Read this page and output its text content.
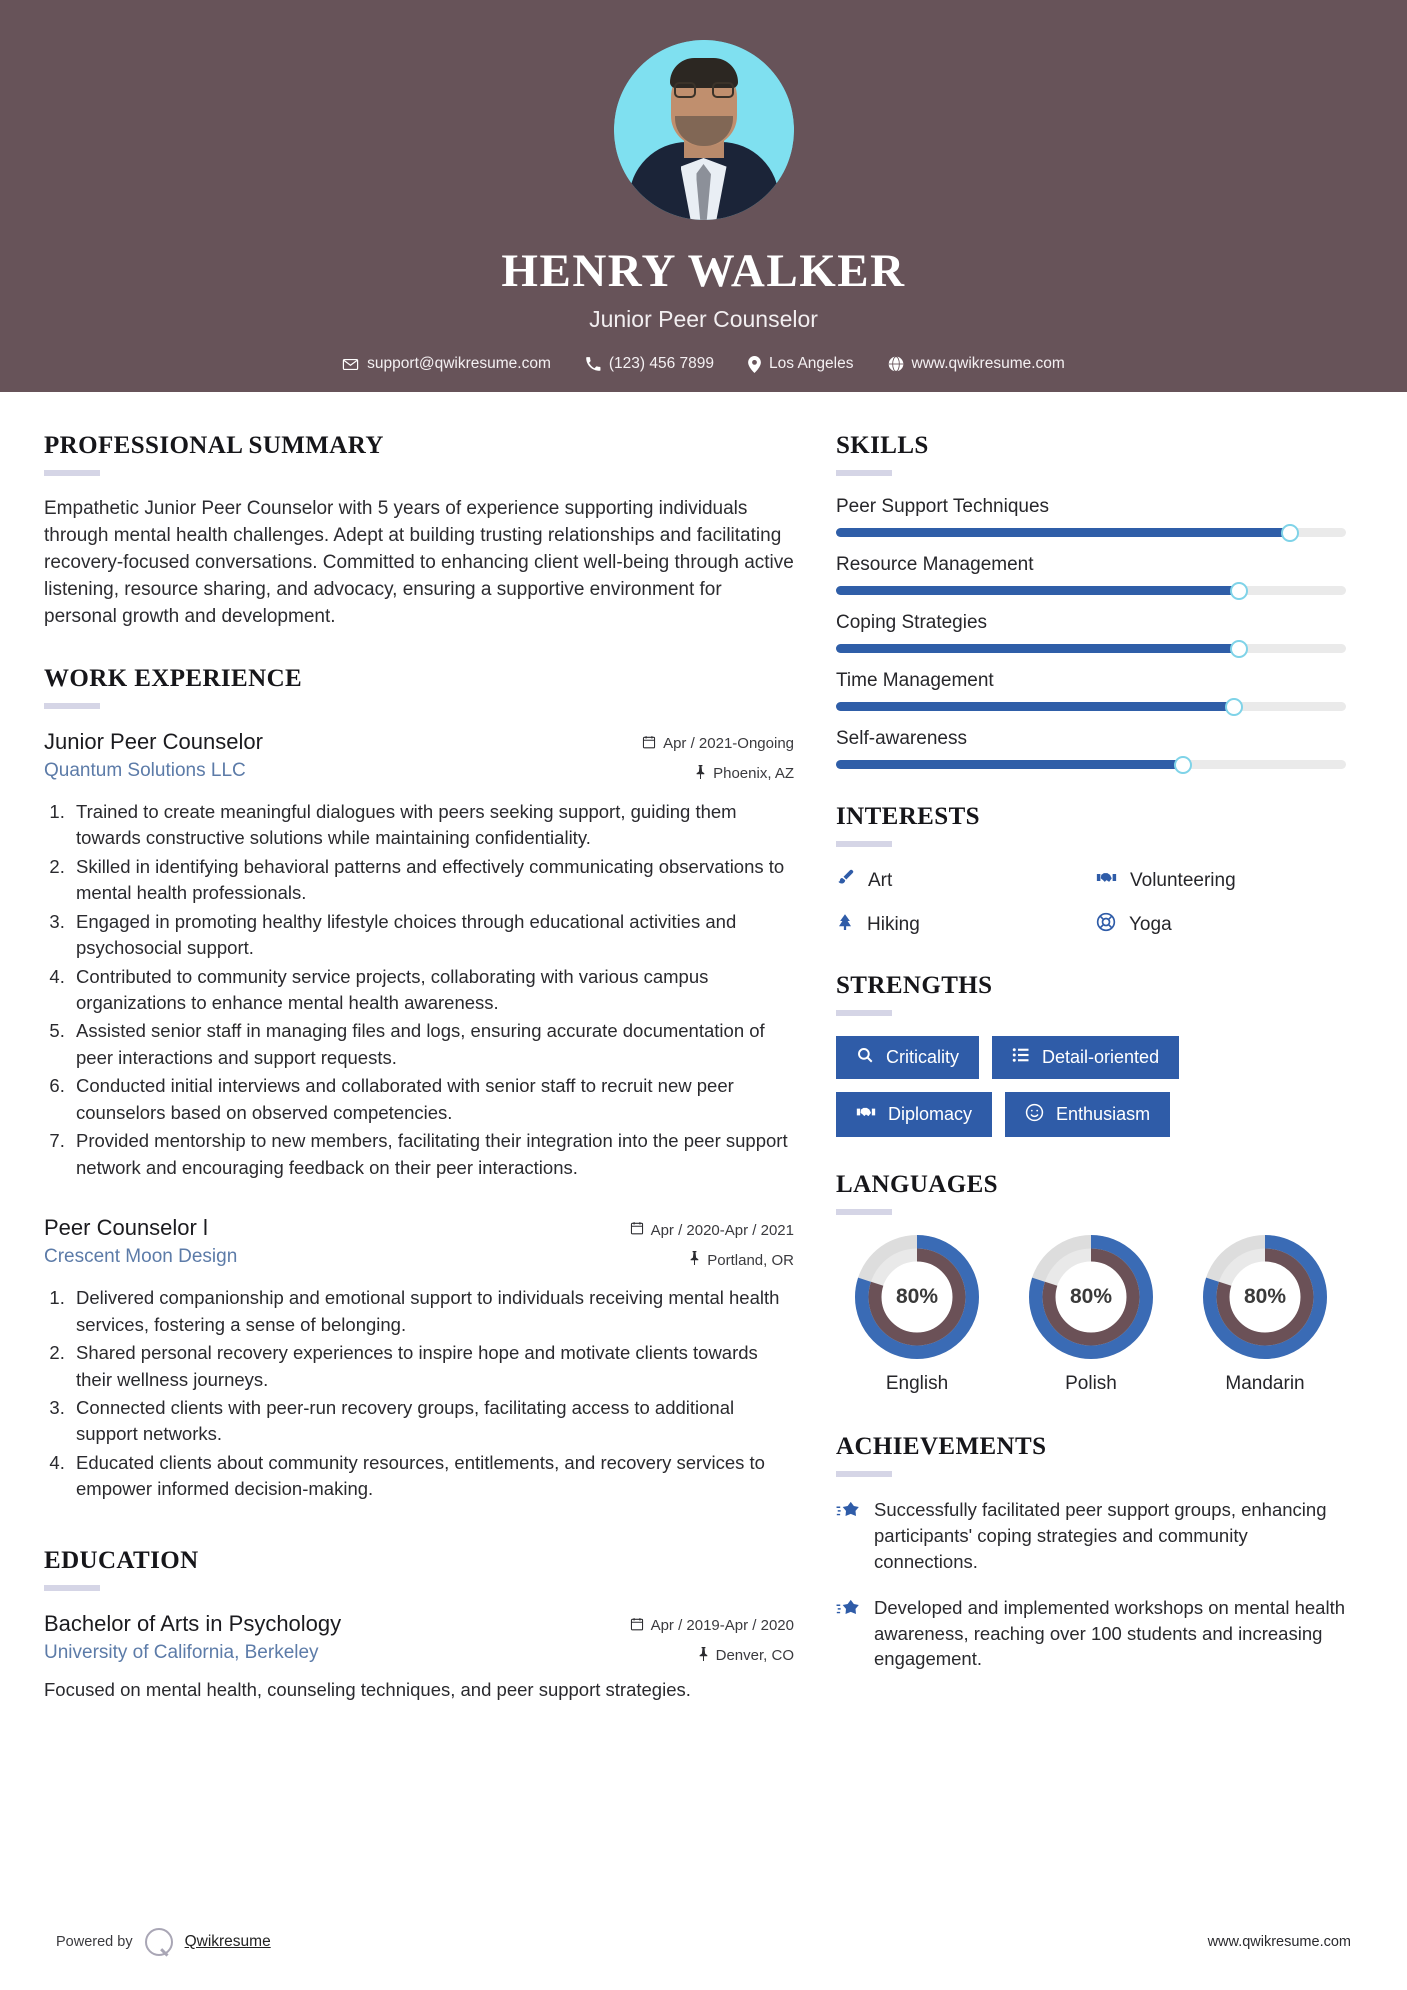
HENRY WALKER
Junior Peer Counselor
support@qwikresume.com	(123) 456 7899	Los Angeles	www.qwikresume.com
PROFESSIONAL SUMMARY
Empathetic Junior Peer Counselor with 5 years of experience supporting individuals through mental health challenges. Adept at building trusting relationships and facilitating recovery-focused conversations. Committed to enhancing client well-being through active listening, resource sharing, and advocacy, ensuring a supportive environment for personal growth and development.
WORK EXPERIENCE
Junior Peer Counselor
Quantum Solutions LLC
Apr / 2021-Ongoing
Phoenix, AZ
1. Trained to create meaningful dialogues with peers seeking support, guiding them towards constructive solutions while maintaining confidentiality.
2. Skilled in identifying behavioral patterns and effectively communicating observations to mental health professionals.
3. Engaged in promoting healthy lifestyle choices through educational activities and psychosocial support.
4. Contributed to community service projects, collaborating with various campus organizations to enhance mental health awareness.
5. Assisted senior staff in managing files and logs, ensuring accurate documentation of peer interactions and support requests.
6. Conducted initial interviews and collaborated with senior staff to recruit new peer counselors based on observed competencies.
7. Provided mentorship to new members, facilitating their integration into the peer support network and encouraging feedback on their peer interactions.
Peer Counselor l
Crescent Moon Design
Apr / 2020-Apr / 2021
Portland, OR
1. Delivered companionship and emotional support to individuals receiving mental health services, fostering a sense of belonging.
2. Shared personal recovery experiences to inspire hope and motivate clients towards their wellness journeys.
3. Connected clients with peer-run recovery groups, facilitating access to additional support networks.
4. Educated clients about community resources, entitlements, and recovery services to empower informed decision-making.
EDUCATION
Bachelor of Arts in Psychology
University of California, Berkeley
Apr / 2019-Apr / 2020
Denver, CO
Focused on mental health, counseling techniques, and peer support strategies.
SKILLS
Peer Support Techniques
Resource Management
Coping Strategies
Time Management
Self-awareness
INTERESTS
Art	Volunteering
Hiking	Yoga
STRENGTHS
Criticality	Detail-oriented
Diplomacy	Enthusiasm
LANGUAGES
80%
English
80%
Polish
80%
Mandarin
ACHIEVEMENTS
Successfully facilitated peer support groups, enhancing participants' coping strategies and community connections.
Developed and implemented workshops on mental health awareness, reaching over 100 students and increasing engagement.
Powered by	Qwikresume	www.qwikresume.com
